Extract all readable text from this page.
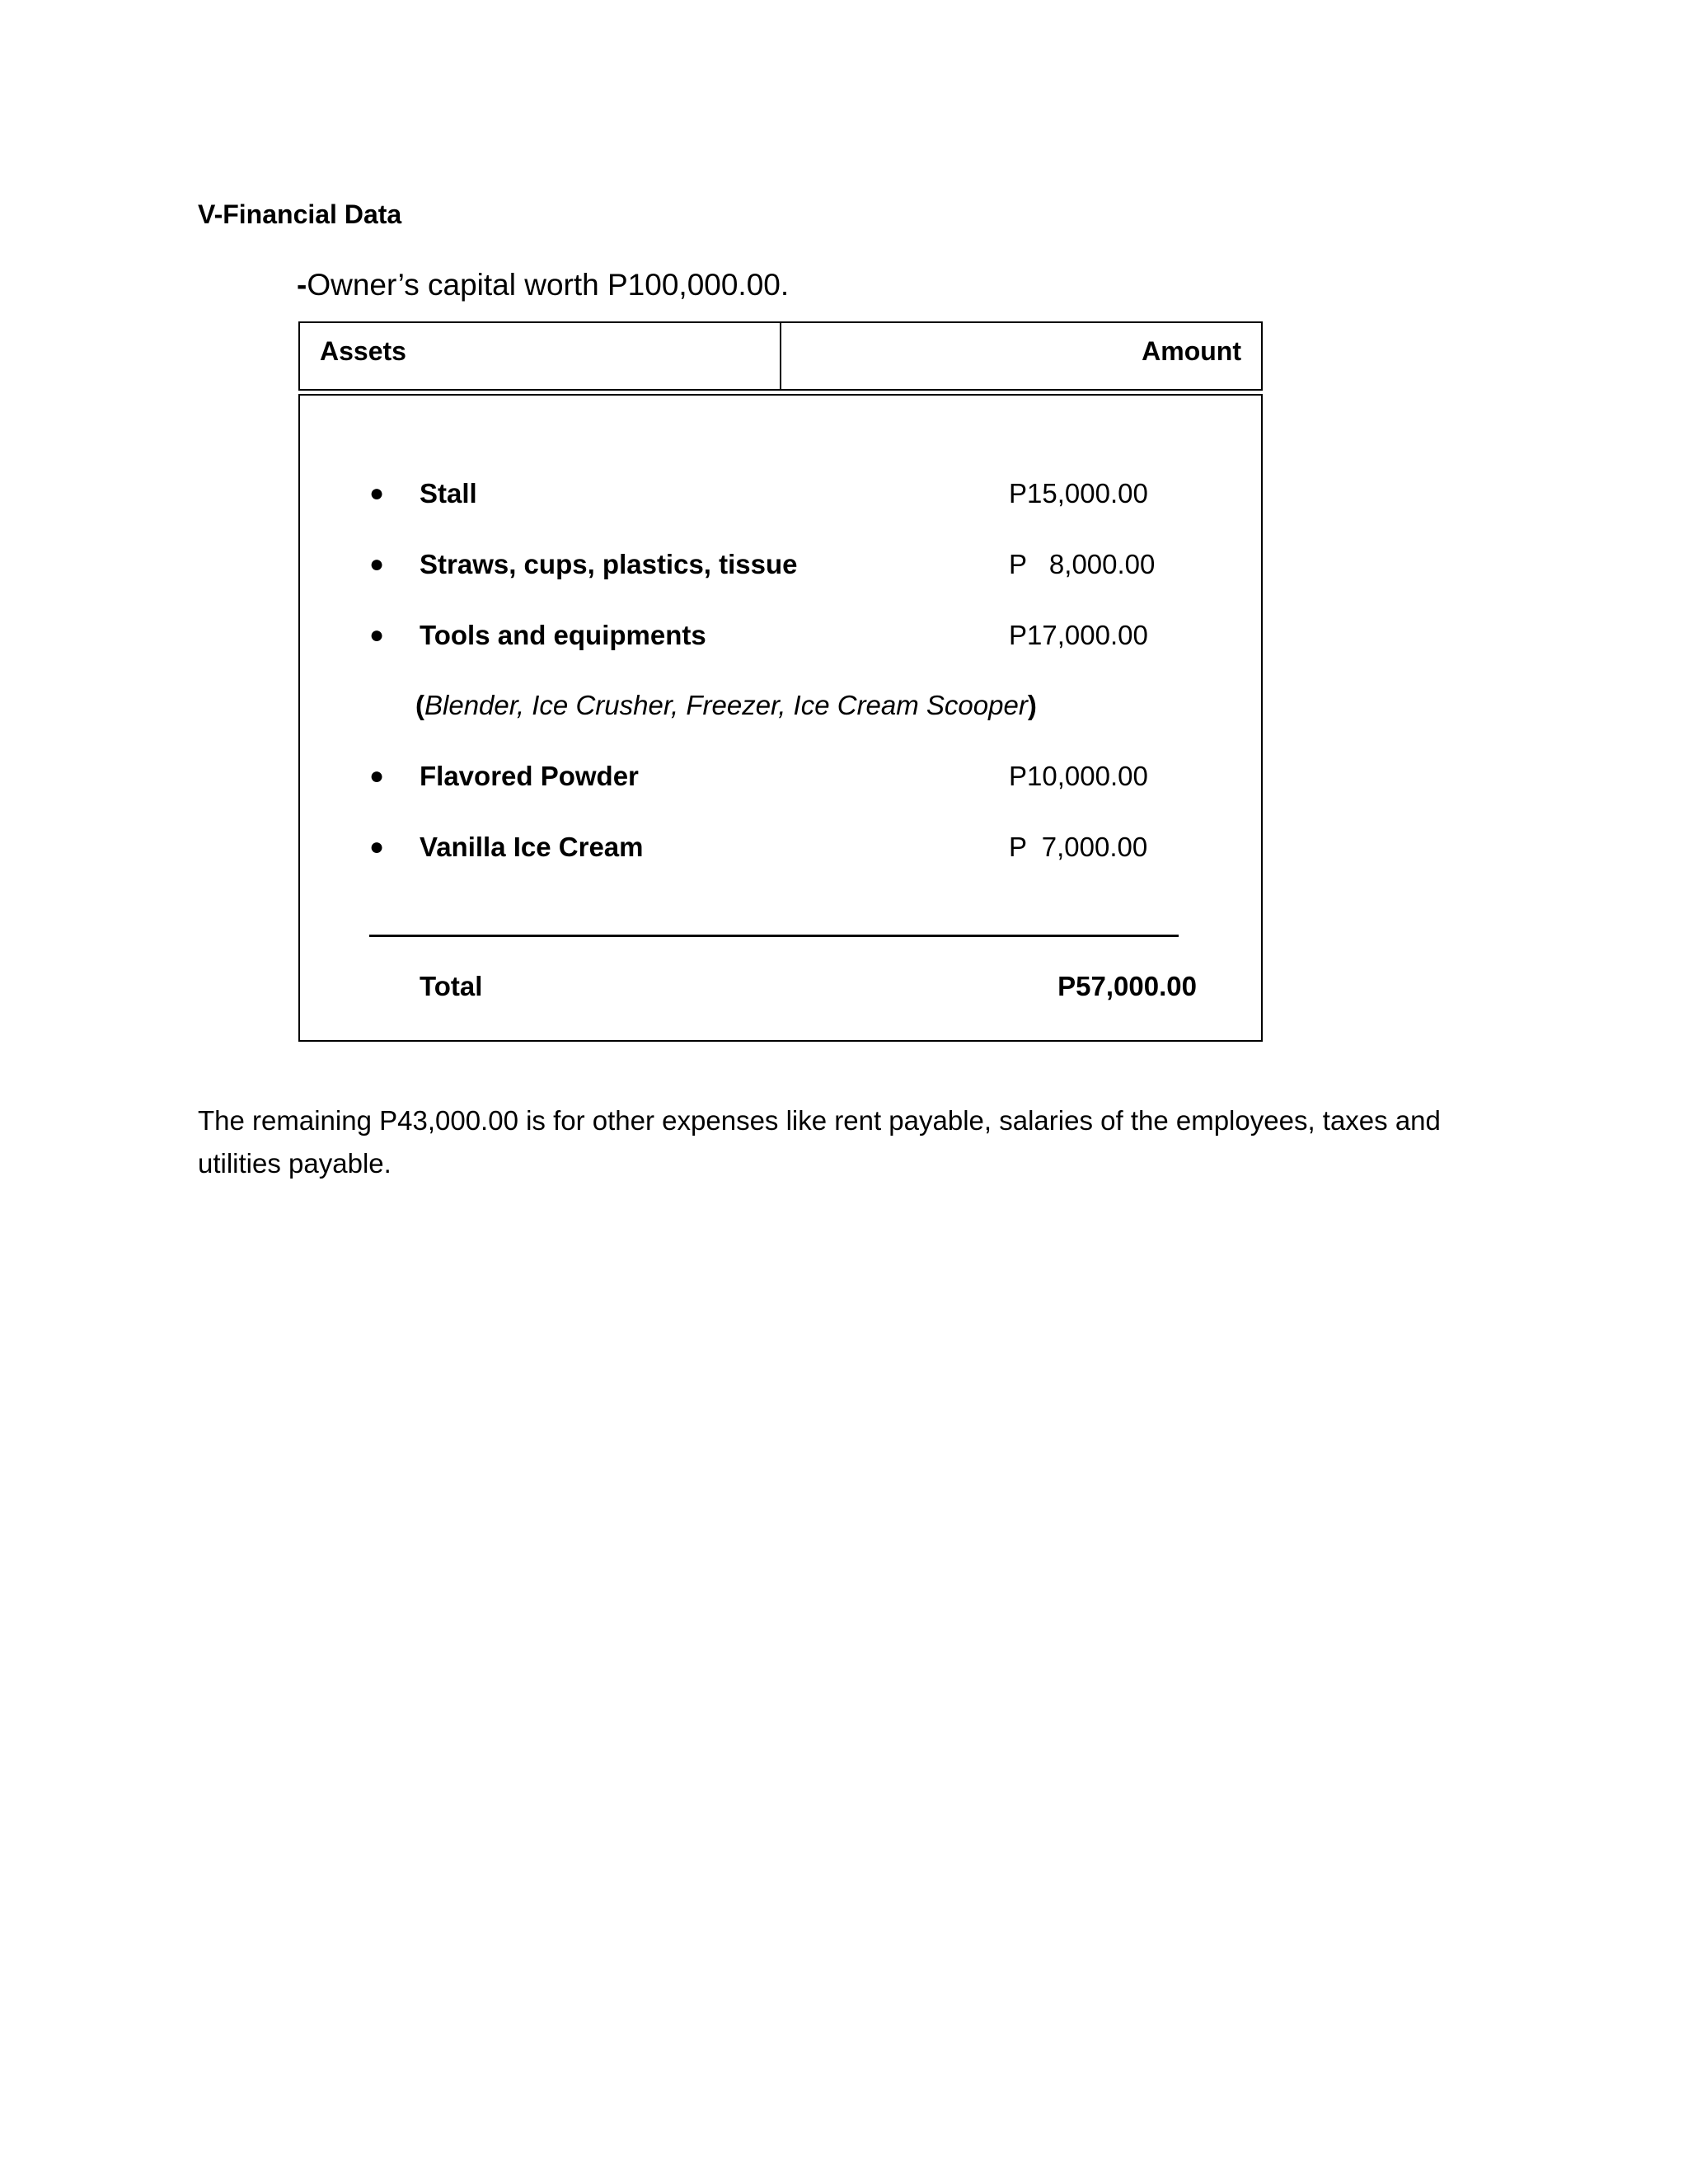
V-Financial Data
-Owner’s capital worth P100,000.00.
Assets	Amount
● Stall	P15,000.00
● Straws, cups, plastics, tissue	P   8,000.00
● Tools and equipments	P17,000.00
(Blender, Ice Crusher, Freezer, Ice Cream Scooper)
● Flavored Powder	P10,000.00
● Vanilla Ice Cream	P  7,000.00
Total	P57,000.00
The remaining P43,000.00 is for other expenses like rent payable, salaries of the employees, taxes and utilities payable.
